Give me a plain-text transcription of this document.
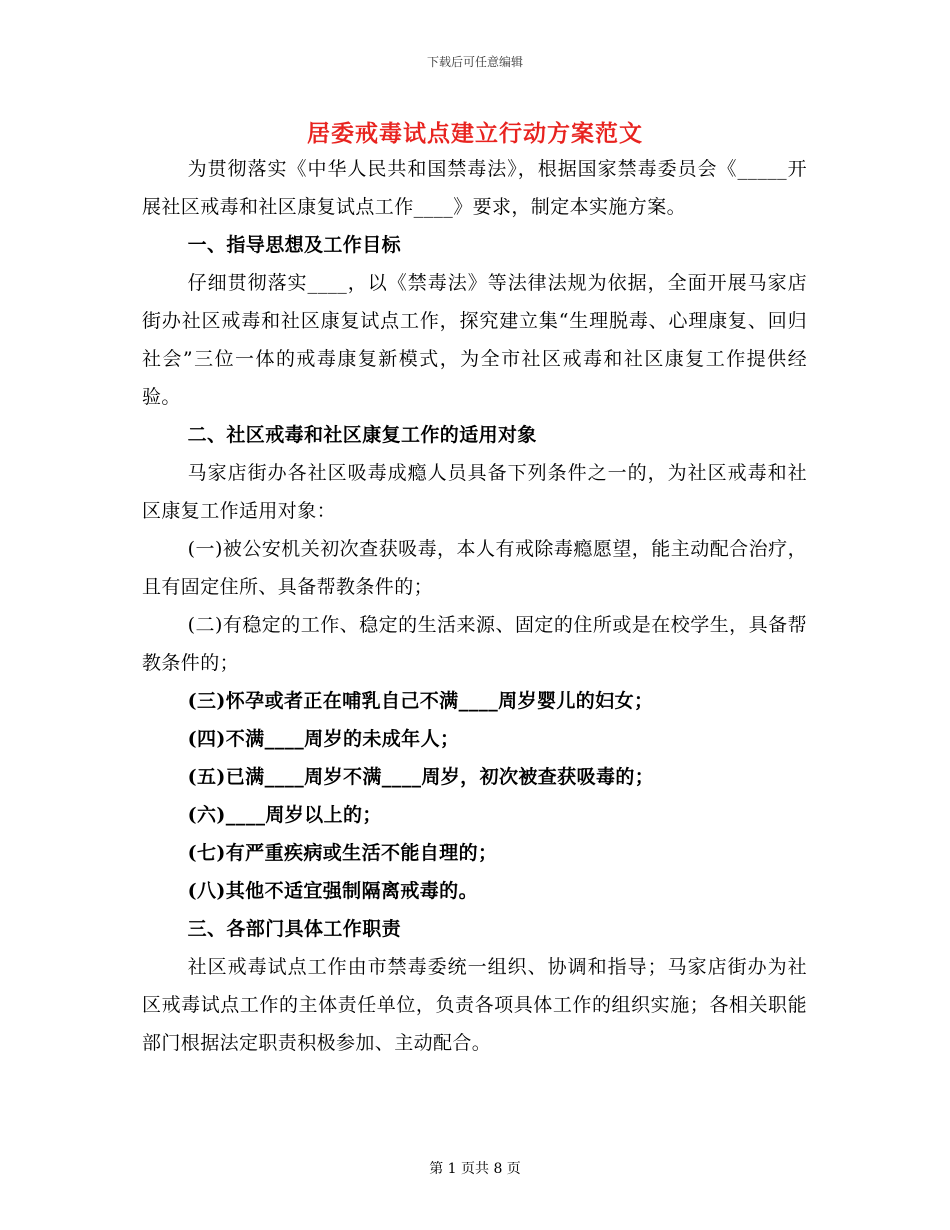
下载后可任意编辑
居委戒毒试点建立行动方案范文

为贯彻落实《中华人民共和国禁毒法》，根据国家禁毒委员会《_____开展社区戒毒和社区康复试点工作____》要求，制定本实施方案。

一、指导思想及工作目标

仔细贯彻落实____，以《禁毒法》等法律法规为依据，全面开展马家店街办社区戒毒和社区康复试点工作，探究建立集“生理脱毒、心理康复、回归社会”三位一体的戒毒康复新模式，为全市社区戒毒和社区康复工作提供经验。

二、社区戒毒和社区康复工作的适用对象

马家店街办各社区吸毒成瘾人员具备下列条件之一的，为社区戒毒和社区康复工作适用对象：

(一)被公安机关初次查获吸毒，本人有戒除毒瘾愿望，能主动配合治疗，且有固定住所、具备帮教条件的；

(二)有稳定的工作、稳定的生活来源、固定的住所或是在校学生，具备帮教条件的；

(三)怀孕或者正在哺乳自己不满____周岁婴儿的妇女；

(四)不满____周岁的未成年人；

(五)已满____周岁不满____周岁，初次被查获吸毒的；

(六)____周岁以上的；

(七)有严重疾病或生活不能自理的；

(八)其他不适宜强制隔离戒毒的。

三、各部门具体工作职责

社区戒毒试点工作由市禁毒委统一组织、协调和指导；马家店街办为社区戒毒试点工作的主体责任单位，负责各项具体工作的组织实施；各相关职能部门根据法定职责积极参加、主动配合。

第 1 页共 8 页
